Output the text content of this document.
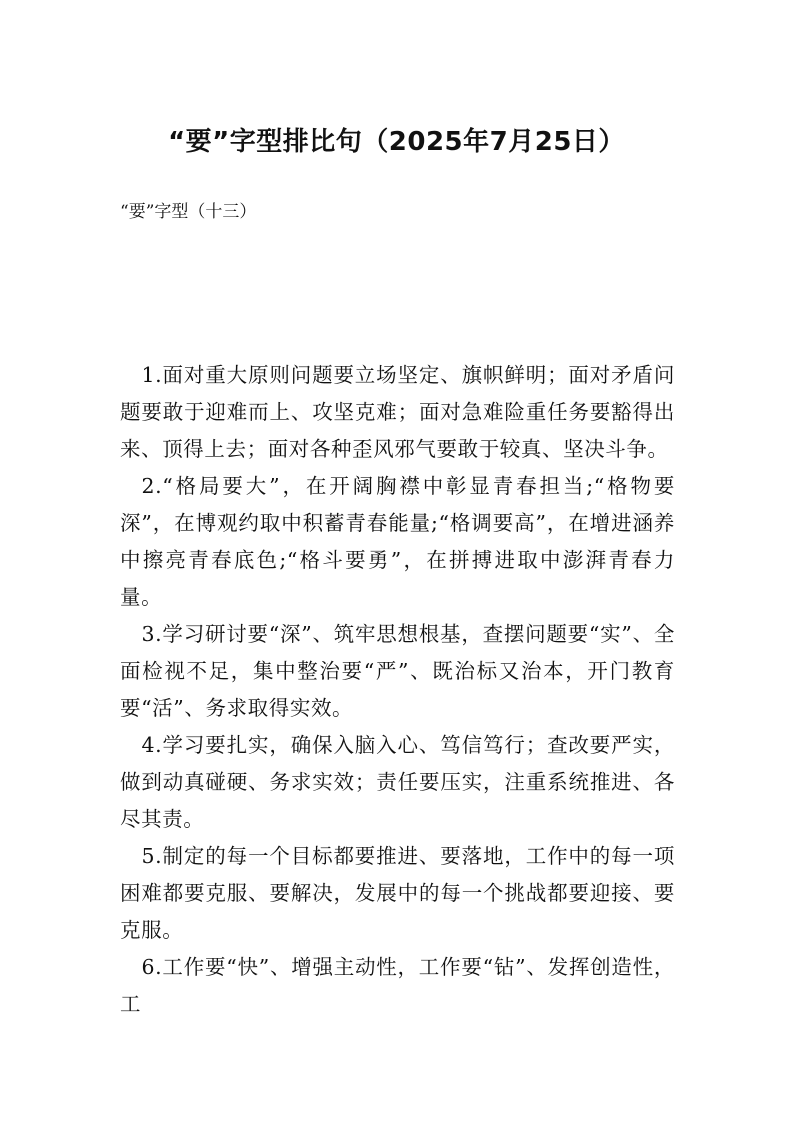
“要”字型排比句（2025年7月25日）

“要”字型（十三）

1.面对重大原则问题要立场坚定、旗帜鲜明；面对矛盾问题要敢于迎难而上、攻坚克难；面对急难险重任务要豁得出来、顶得上去；面对各种歪风邪气要敢于较真、坚决斗争。

2.“格局要大”，在开阔胸襟中彰显青春担当;“格物要深”，在博观约取中积蓄青春能量;“格调要高”，在增进涵养中擦亮青春底色;“格斗要勇”，在拼搏进取中澎湃青春力量。

3.学习研讨要“深”、筑牢思想根基，查摆问题要“实”、全面检视不足，集中整治要“严”、既治标又治本，开门教育要“活”、务求取得实效。

4.学习要扎实，确保入脑入心、笃信笃行；查改要严实，做到动真碰硬、务求实效；责任要压实，注重系统推进、各尽其责。

5.制定的每一个目标都要推进、要落地，工作中的每一项困难都要克服、要解决，发展中的每一个挑战都要迎接、要克服。

6.工作要“快”、增强主动性，工作要“钻”、发挥创造性，工
